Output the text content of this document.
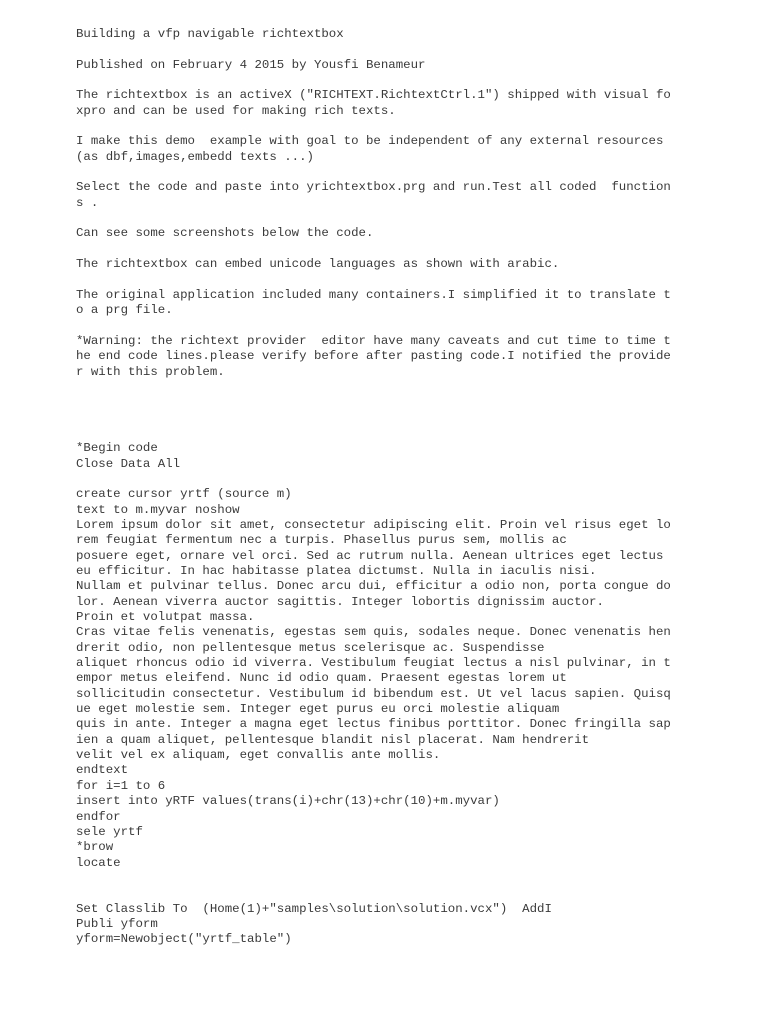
Building a vfp navigable richtextbox
Published on February 4 2015 by Yousfi Benameur
The richtextbox is an activeX ("RICHTEXT.RichtextCtrl.1") shipped with visual fo
xpro and can be used for making rich texts.
I make this demo  example with goal to be independent of any external resources
(as dbf,images,embedd texts ...)
Select the code and paste into yrichtextbox.prg and run.Test all coded  function
s .
Can see some screenshots below the code.
The richtextbox can embed unicode languages as shown with arabic.
The original application included many containers.I simplified it to translate t
o a prg file.
*Warning: the richtext provider  editor have many caveats and cut time to time t
he end code lines.please verify before after pasting code.I notified the provide
r with this problem.
*Begin code
Close Data All
create cursor yrtf (source m)
text to m.myvar noshow
Lorem ipsum dolor sit amet, consectetur adipiscing elit. Proin vel risus eget lo
rem feugiat fermentum nec a turpis. Phasellus purus sem, mollis ac
posuere eget, ornare vel orci. Sed ac rutrum nulla. Aenean ultrices eget lectus
eu efficitur. In hac habitasse platea dictumst. Nulla in iaculis nisi.
Nullam et pulvinar tellus. Donec arcu dui, efficitur a odio non, porta congue do
lor. Aenean viverra auctor sagittis. Integer lobortis dignissim auctor.
Proin et volutpat massa.
Cras vitae felis venenatis, egestas sem quis, sodales neque. Donec venenatis hen
drerit odio, non pellentesque metus scelerisque ac. Suspendisse
aliquet rhoncus odio id viverra. Vestibulum feugiat lectus a nisl pulvinar, in t
empor metus eleifend. Nunc id odio quam. Praesent egestas lorem ut
sollicitudin consectetur. Vestibulum id bibendum est. Ut vel lacus sapien. Quisq
ue eget molestie sem. Integer eget purus eu orci molestie aliquam
quis in ante. Integer a magna eget lectus finibus porttitor. Donec fringilla sap
ien a quam aliquet, pellentesque blandit nisl placerat. Nam hendrerit
velit vel ex aliquam, eget convallis ante mollis.
endtext
for i=1 to 6
insert into yRTF values(trans(i)+chr(13)+chr(10)+m.myvar)
endfor
sele yrtf
*brow
locate
Set Classlib To  (Home(1)+"samples\solution\solution.vcx")  AddI
Publi yform
yform=Newobject("yrtf_table")
